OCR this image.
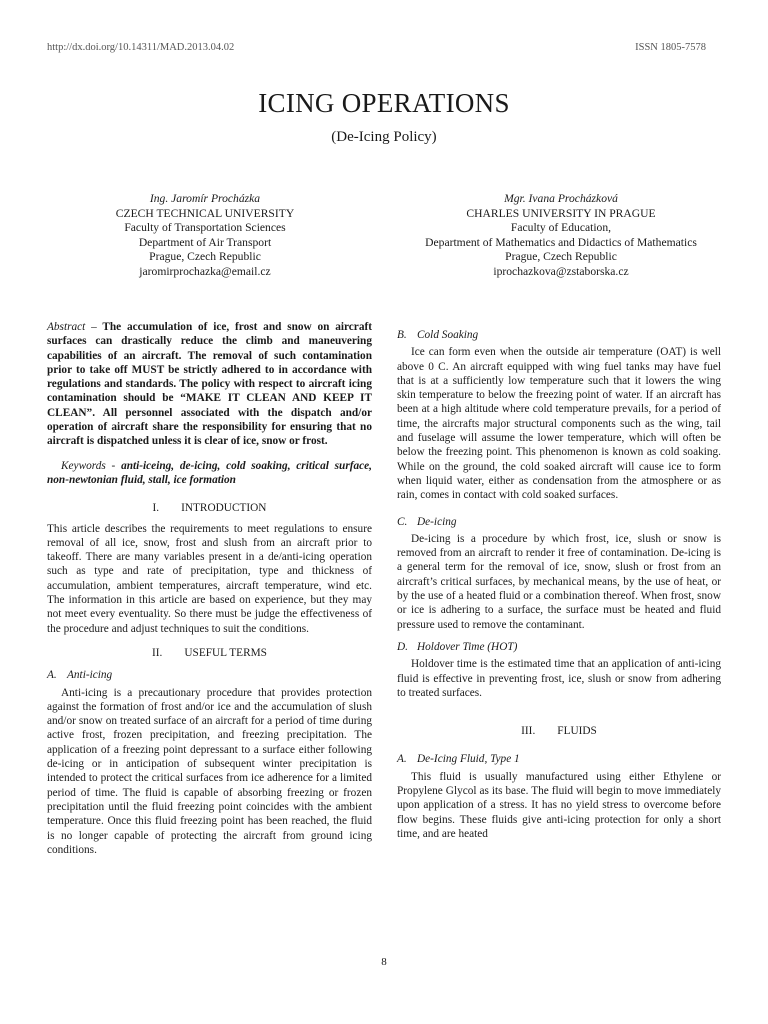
http://dx.doi.org/10.14311/MAD.2013.04.02	ISSN 1805-7578
ICING OPERATIONS
(De-Icing Policy)
Ing. Jaromír Procházka
CZECH TECHNICAL UNIVERSITY
Faculty of Transportation Sciences
Department of Air Transport
Prague, Czech Republic
jaromirprochazka@email.cz
Mgr. Ivana Procházková
CHARLES UNIVERSITY IN PRAGUE
Faculty of Education,
Department of Mathematics and Didactics of Mathematics
Prague, Czech Republic
iprochazkova@zstaborska.cz

Abstract – The accumulation of ice, frost and snow on aircraft surfaces can drastically reduce the climb and maneuvering capabilities of an aircraft. The removal of such contamination prior to take off MUST be strictly adhered to in accordance with regulations and standards. The policy with respect to aircraft icing contamination should be “MAKE IT CLEAN AND KEEP IT CLEAN”. All personnel associated with the dispatch and/or operation of aircraft share the responsibility for ensuring that no aircraft is dispatched unless it is clear of ice, snow or frost.

Keywords - anti-iceing, de-icing, cold soaking, critical surface, non-newtonian fluid, stall, ice formation

I. INTRODUCTION

This article describes the requirements to meet regulations to ensure removal of all ice, snow, frost and slush from an aircraft prior to takeoff. There are many variables present in a de/anti-icing operation such as type and rate of precipitation, type and thickness of accumulation, ambient temperatures, aircraft temperature, wind etc. The information in this article are based on experience, but they may not meet every eventuality. So there must be judge the effectiveness of the procedure and adjust techniques to suit the conditions.

II. USEFUL TERMS
A. Anti-icing

Anti-icing is a precautionary procedure that provides protection against the formation of frost and/or ice and the accumulation of slush and/or snow on treated surface of an aircraft for a period of time during active frost, frozen precipitation, and freezing precipitation. The application of a freezing point depressant to a surface either following de-icing or in anticipation of subsequent winter precipitation is intended to protect the critical surfaces from ice adherence for a limited period of time. The fluid is capable of absorbing freezing or frozen precipitation until the fluid freezing point coincides with the ambient temperature. Once this fluid freezing point has been reached, the fluid is no longer capable of protecting the aircraft from ground icing conditions.

B. Cold Soaking

Ice can form even when the outside air temperature (OAT) is well above 0 C. An aircraft equipped with wing fuel tanks may have fuel that is at a sufficiently low temperature such that it lowers the wing skin temperature to below the freezing point of water. If an aircraft has been at a high altitude where cold temperature prevails, for a period of time, the aircrafts major structural components such as the wing, tail and fuselage will assume the lower temperature, which will often be below the freezing point. This phenomenon is known as cold soaking. While on the ground, the cold soaked aircraft will cause ice to form when liquid water, either as condensation from the atmosphere or as rain, comes in contact with cold soaked surfaces.

C. De-icing

De-icing is a procedure by which frost, ice, slush or snow is removed from an aircraft to render it free of contamination. De-icing is a general term for the removal of ice, snow, slush or frost from an aircraft’s critical surfaces, by mechanical means, by the use of heat, or by the use of a heated fluid or a combination thereof. When frost, snow or ice is adhering to a surface, the surface must be heated and fluid pressure used to remove the contaminant.

D. Holdover Time (HOT)

Holdover time is the estimated time that an application of anti-icing fluid is effective in preventing frost, ice, slush or snow from adhering to treated surfaces.

III. FLUIDS
A. De-Icing Fluid, Type 1

This fluid is usually manufactured using either Ethylene or Propylene Glycol as its base. The fluid will begin to move immediately upon application of a stress. It has no yield stress to overcome before flow begins. These fluids give anti-icing protection for only a short time, and are heated

8
